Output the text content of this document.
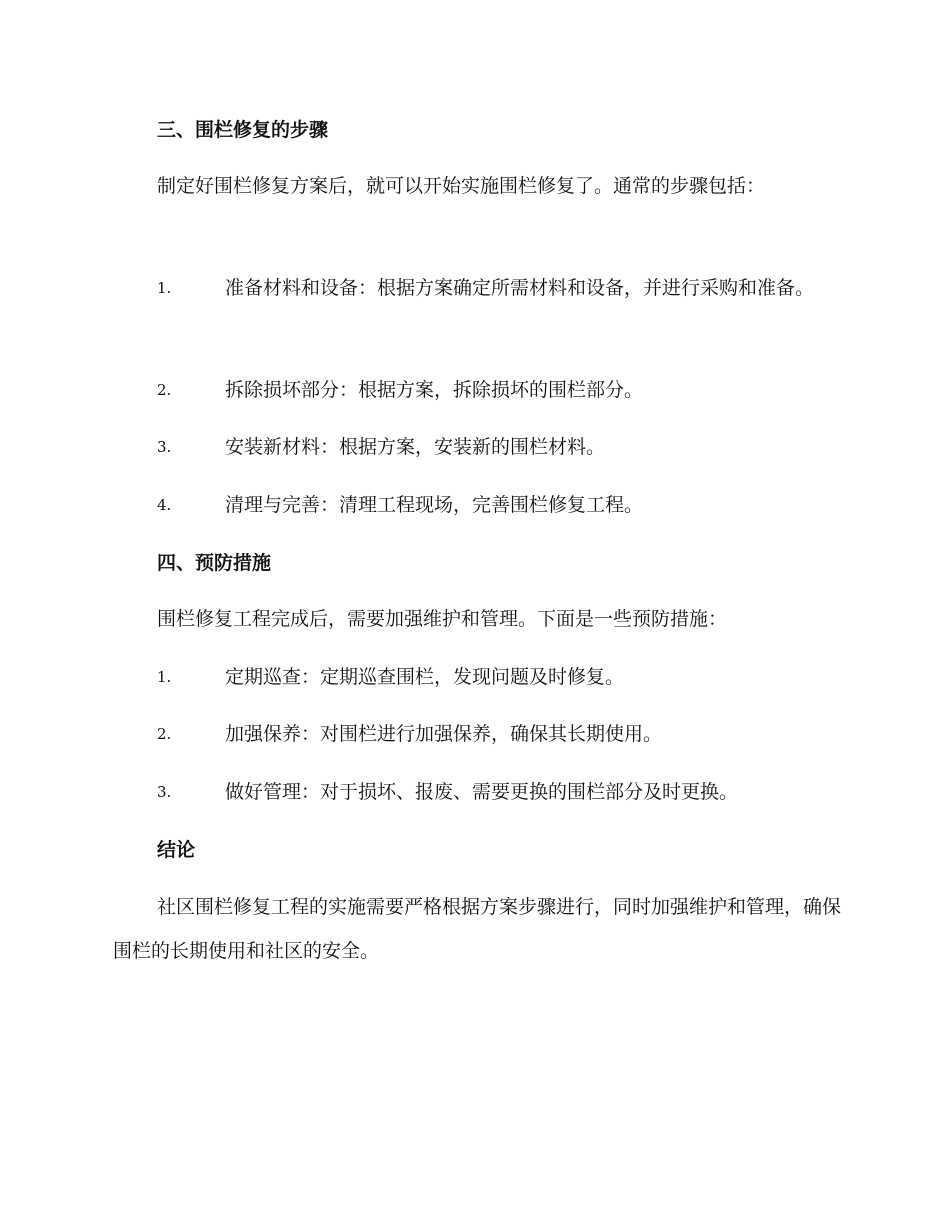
三、围栏修复的步骤
制定好围栏修复方案后，就可以开始实施围栏修复了。通常的步骤包括：
1.	准备材料和设备：根据方案确定所需材料和设备，并进行采购和准备。
2.	拆除损坏部分：根据方案，拆除损坏的围栏部分。
3.	安装新材料：根据方案，安装新的围栏材料。
4.	清理与完善：清理工程现场，完善围栏修复工程。
四、预防措施
围栏修复工程完成后，需要加强维护和管理。下面是一些预防措施：
1.	定期巡查：定期巡查围栏，发现问题及时修复。
2.	加强保养：对围栏进行加强保养，确保其长期使用。
3.	做好管理：对于损坏、报废、需要更换的围栏部分及时更换。
结论
社区围栏修复工程的实施需要严格根据方案步骤进行，同时加强维护和管理，确保围栏的长期使用和社区的安全。
